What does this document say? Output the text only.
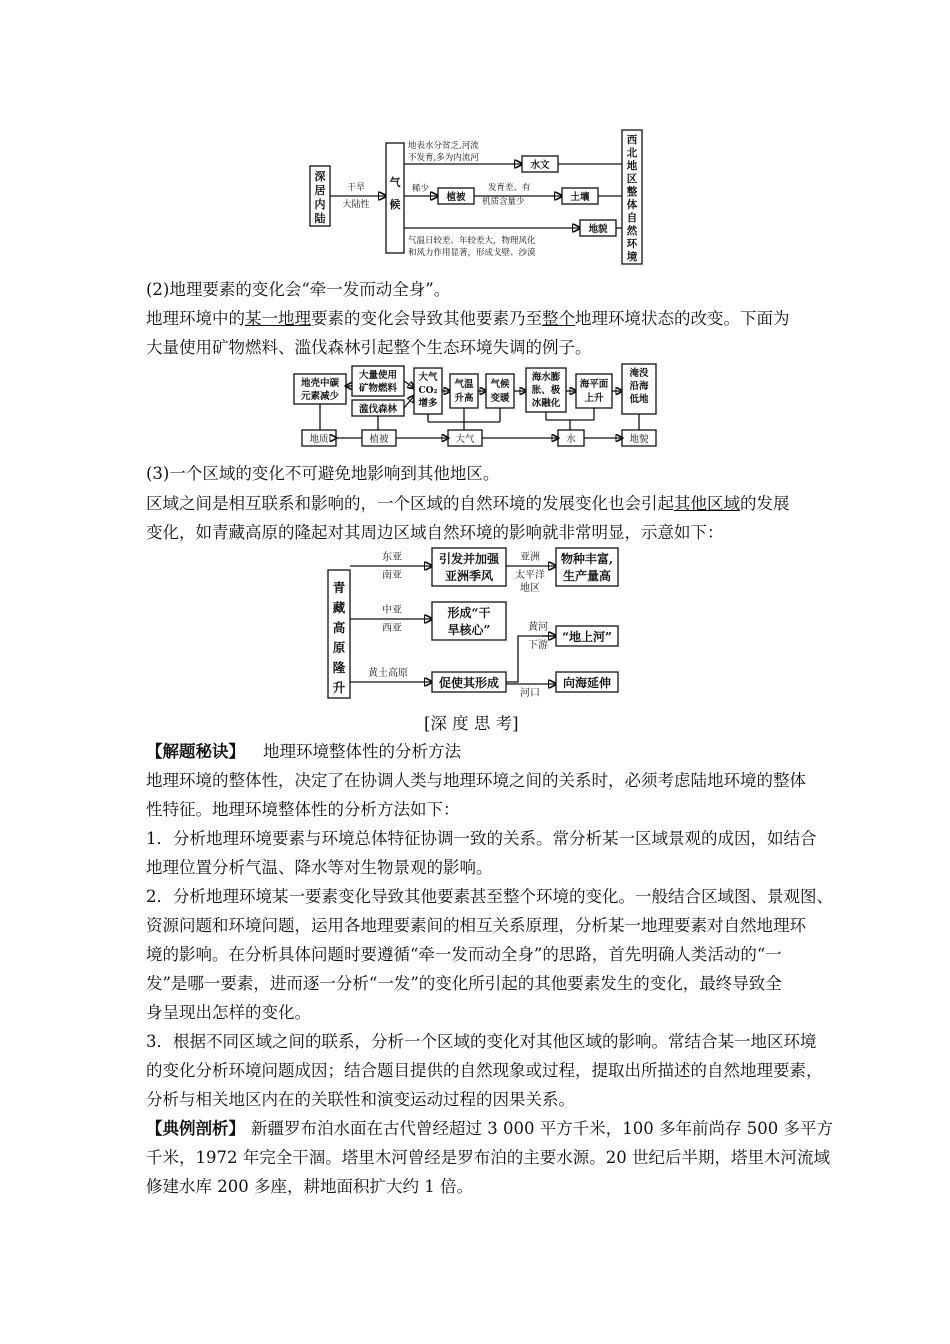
深
居
内
陆
干旱
大陆性
气
候
地表水分贫乏,河流
不发育,多为内流河
水文
稀少
植被
发育差、有
机质含量少	土壤
地貌
气温日较差、年较差大，物理风化
和风力作用显著，形成戈壁、沙漠
西
北
地
区
整
体
自
然
环
境
(2)地理要素的变化会“牵一发而动全身”。
地理环境中的某一地理要素的变化会导致其他要素乃至整个地理环境状态的改变。下面为
大量使用矿物燃料、滥伐森林引起整个生态环境失调的例子。
地壳中碳
元素减少
大量使用
矿物燃料
滥伐森林
大气
CO₂
增多
气温
升高
气候
变暖
海水膨
胀、极
冰融化
海平面
上升
淹没
沿海
低地
地质	植被	大气	水	地貌
(3)一个区域的变化不可避免地影响到其他地区。
区域之间是相互联系和影响的，一个区域的自然环境的发展变化也会引起其他区域的发展
变化，如青藏高原的隆起对其周边区域自然环境的影响就非常明显，示意如下：
青
藏
高
原
隆
升
东亚
南亚
引发并加强
亚洲季风
亚洲
太平洋
地区
物种丰富,
生产量高
中亚
西亚
形成“干
旱核心”
黄土高原
促使其形成
黄河
下游
“地上河”
河口
向海延伸
[深 度 思 考]
【解题秘诀】 地理环境整体性的分析方法
地理环境的整体性，决定了在协调人类与地理环境之间的关系时，必须考虑陆地环境的整体
性特征。地理环境整体性的分析方法如下：
1．分析地理环境要素与环境总体特征协调一致的关系。常分析某一区域景观的成因，如结合
地理位置分析气温、降水等对生物景观的影响。
2．分析地理环境某一要素变化导致其他要素甚至整个环境的变化。一般结合区域图、景观图、
资源问题和环境问题，运用各地理要素间的相互关系原理，分析某一地理要素对自然地理环
境的影响。在分析具体问题时要遵循“牵一发而动全身”的思路，首先明确人类活动的“一
发”是哪一要素，进而逐一分析“一发”的变化所引起的其他要素发生的变化，最终导致全
身呈现出怎样的变化。
3．根据不同区域之间的联系，分析一个区域的变化对其他区域的影响。常结合某一地区环境
的变化分析环境问题成因；结合题目提供的自然现象或过程，提取出所描述的自然地理要素，
分析与相关地区内在的关联性和演变运动过程的因果关系。
【典例剖析】 新疆罗布泊水面在古代曾经超过 3 000 平方千米，100 多年前尚存 500 多平方
千米，1972 年完全干涸。塔里木河曾经是罗布泊的主要水源。20 世纪后半期，塔里木河流域
修建水库 200 多座，耕地面积扩大约 1 倍。
